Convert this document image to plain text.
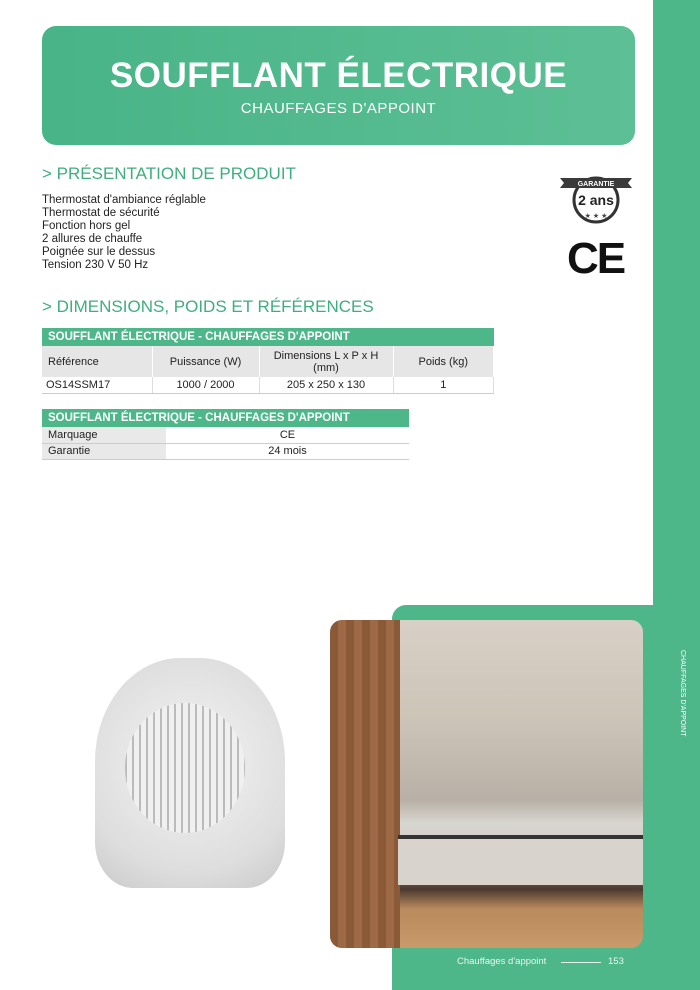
CHAUFFAGES D'APPOINT
SOUFFLANT ÉLECTRIQUE
CHAUFFAGES D'APPOINT
> PRÉSENTATION DE PRODUIT
Thermostat d'ambiance réglable
Thermostat de sécurité
Fonction hors gel
2 allures de chauffe
Poignée sur le dessus
Tension 230 V 50 Hz
GARANTIE
2 ans
★ ★ ★
CE
> DIMENSIONS, POIDS ET RÉFÉRENCES
SOUFFLANT ÉLECTRIQUE - CHAUFFAGES D'APPOINT			
Référence	Puissance (W)	Dimensions L x P x H (mm)	Poids (kg)
OS14SSM17	1000 / 2000	205 x 250 x 130	1
SOUFFLANT ÉLECTRIQUE - CHAUFFAGES D'APPOINT	
Marquage	CE
Garantie	24 mois
Chauffages d'appoint	153
